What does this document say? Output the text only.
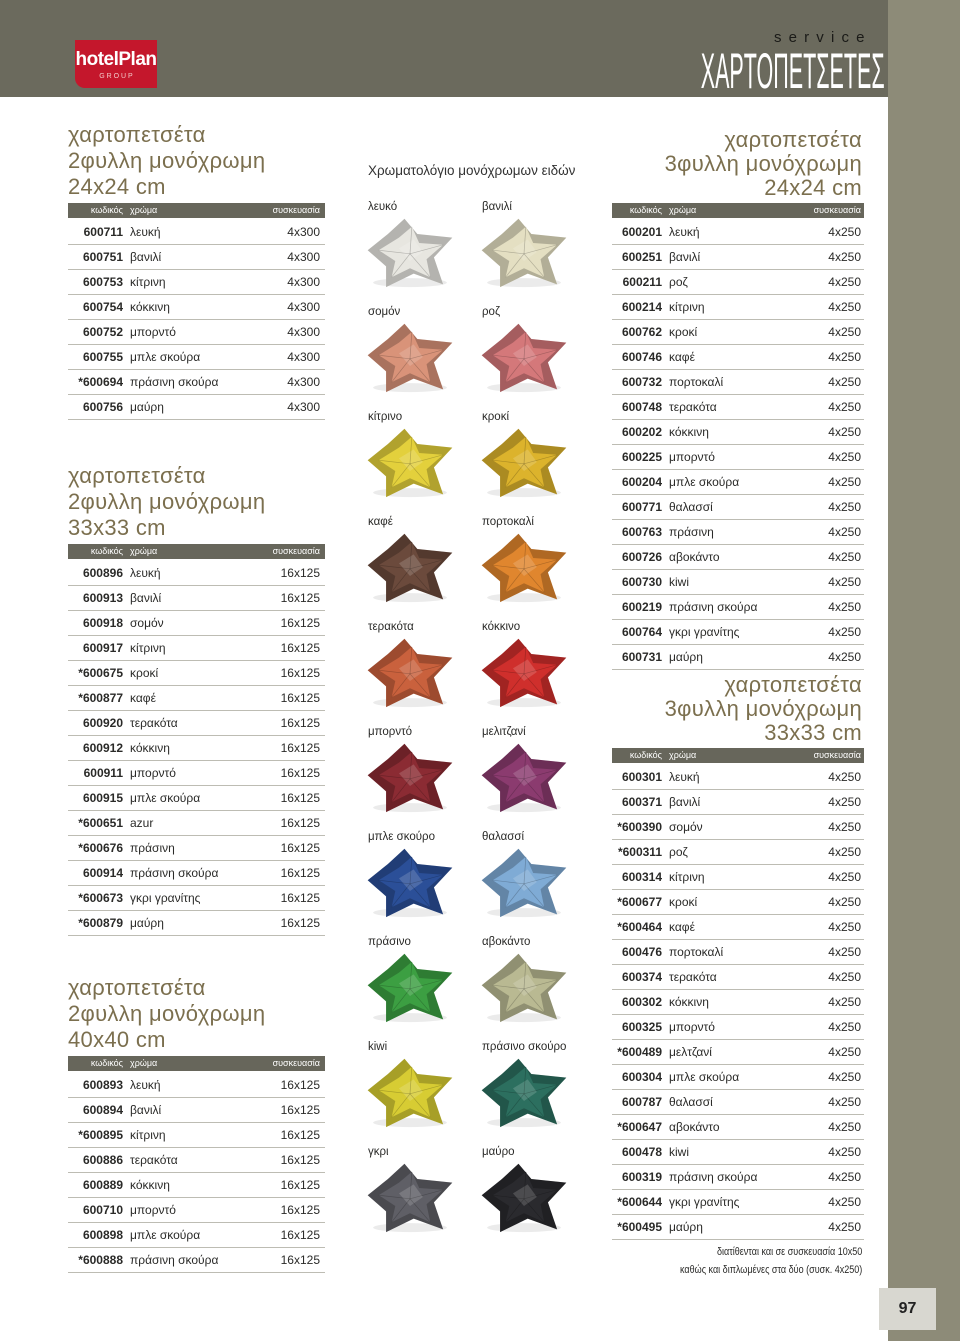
hotelPlan
G R O U P
s e r v i c e
ΧΑΡΤΟΠΕΤΣΕΤΕΣ
χαρτοπετσέτα
2φυλλη μονόχρωμη
24x24 cm
κωδικός χρώμα	συσκευασία
600711 λευκή	4x300
600751 βανιλί	4x300
600753 κίτρινη	4x300
600754 κόκκινη	4x300
600752 μπορντό	4x300
600755 μπλε σκούρα	4x300
*600694 πράσινη σκούρα	4x300
600756 μαύρη	4x300
χαρτοπετσέτα
2φυλλη μονόχρωμη
33x33 cm
κωδικός χρώμα	συσκευασία
600896 λευκή	16x125
600913 βανιλί	16x125
600918 σομόν	16x125
600917 κίτρινη	16x125
*600675 κροκί	16x125
*600877 καφέ	16x125
600920 τερακότα	16x125
600912 κόκκινη	16x125
600911 μπορντό	16x125
600915 μπλε σκούρα	16x125
*600651 azur	16x125
*600676 πράσινη	16x125
600914 πράσινη σκούρα	16x125
*600673 γκρι γρανίτης	16x125
*600879 μαύρη	16x125
χαρτοπετσέτα
2φυλλη μονόχρωμη
40x40 cm
κωδικός χρώμα	συσκευασία
600893 λευκή	16x125
600894 βανιλί	16x125
*600895 κίτρινη	16x125
600886 τερακότα	16x125
600889 κόκκινη	16x125
600710 μπορντό	16x125
600898 μπλε σκούρα	16x125
*600888 πράσινη σκούρα	16x125
χαρτοπετσέτα
3φυλλη μονόχρωμη
24x24 cm
κωδικός χρώμα	συσκευασία
600201 λευκή	4x250
600251 βανιλί	4x250
600211 ροζ	4x250
600214 κίτρινη	4x250
600762 κροκί	4x250
600746 καφέ	4x250
600732 πορτοκαλί	4x250
600748 τερακότα	4x250
600202 κόκκινη	4x250
600225 μπορντό	4x250
600204 μπλε σκούρα	4x250
600771 θαλασσί	4x250
600763 πράσινη	4x250
600726 αβοκάντο	4x250
600730 kiwi	4x250
600219 πράσινη σκούρα	4x250
600764 γκρι γρανίτης	4x250
600731 μαύρη	4x250
χαρτοπετσέτα
3φυλλη μονόχρωμη
33x33 cm
κωδικός χρώμα	συσκευασία
600301 λευκή	4x250
600371 βανιλί	4x250
*600390 σομόν	4x250
*600311 ροζ	4x250
600314 κίτρινη	4x250
*600677 κροκί	4x250
*600464 καφέ	4x250
600476 πορτοκαλί	4x250
600374 τερακότα	4x250
600302 κόκκινη	4x250
600325 μπορντό	4x250
*600489 μελτζανί	4x250
600304 μπλε σκούρα	4x250
600787 θαλασσί	4x250
*600647 αβοκάντο	4x250
600478 kiwi	4x250
600319 πράσινη σκούρα	4x250
*600644 γκρι γρανίτης	4x250
*600495 μαύρη	4x250
Χρωματολόγιο μονόχρωμων ειδών
λευκό	βανιλί
σομόν	ροζ
κίτρινο	κροκί
καφέ	πορτοκαλί
τερακότα	κόκκινο
μπορντό	μελιτζανί
μπλε σκούρο	θαλασσί
πράσινο	αβοκάντο
kiwi	πράσινο σκούρο
γκρι	μαύρο
διατίθενται και σε συσκευασία 10x50
καθώς και διπλωμένες στα δύο (συσκ. 4x250)
97
